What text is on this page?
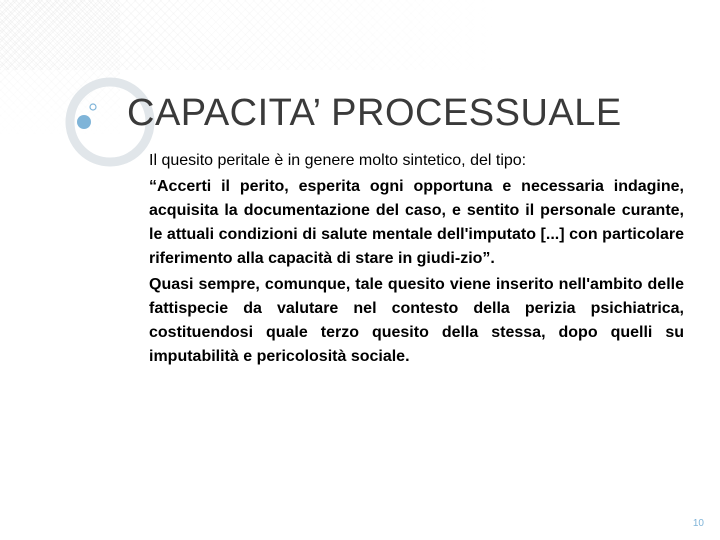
CAPACITA’ PROCESSUALE

Il quesito peritale è in genere molto sintetico, del tipo:

“Accerti il perito, esperita ogni opportuna e necessaria indagine, acquisita la documentazione del caso, e sentito il personale curante, le attuali condizioni di salute mentale dell'imputato [...] con particolare riferimento alla capacità di stare in giudi-zio”.

Quasi sempre, comunque, tale quesito viene inserito nell'ambito delle fattispecie da valutare nel contesto della perizia psichiatrica, costituendosi quale terzo quesito della stessa, dopo quelli su imputabilità e pericolosità sociale.

10
